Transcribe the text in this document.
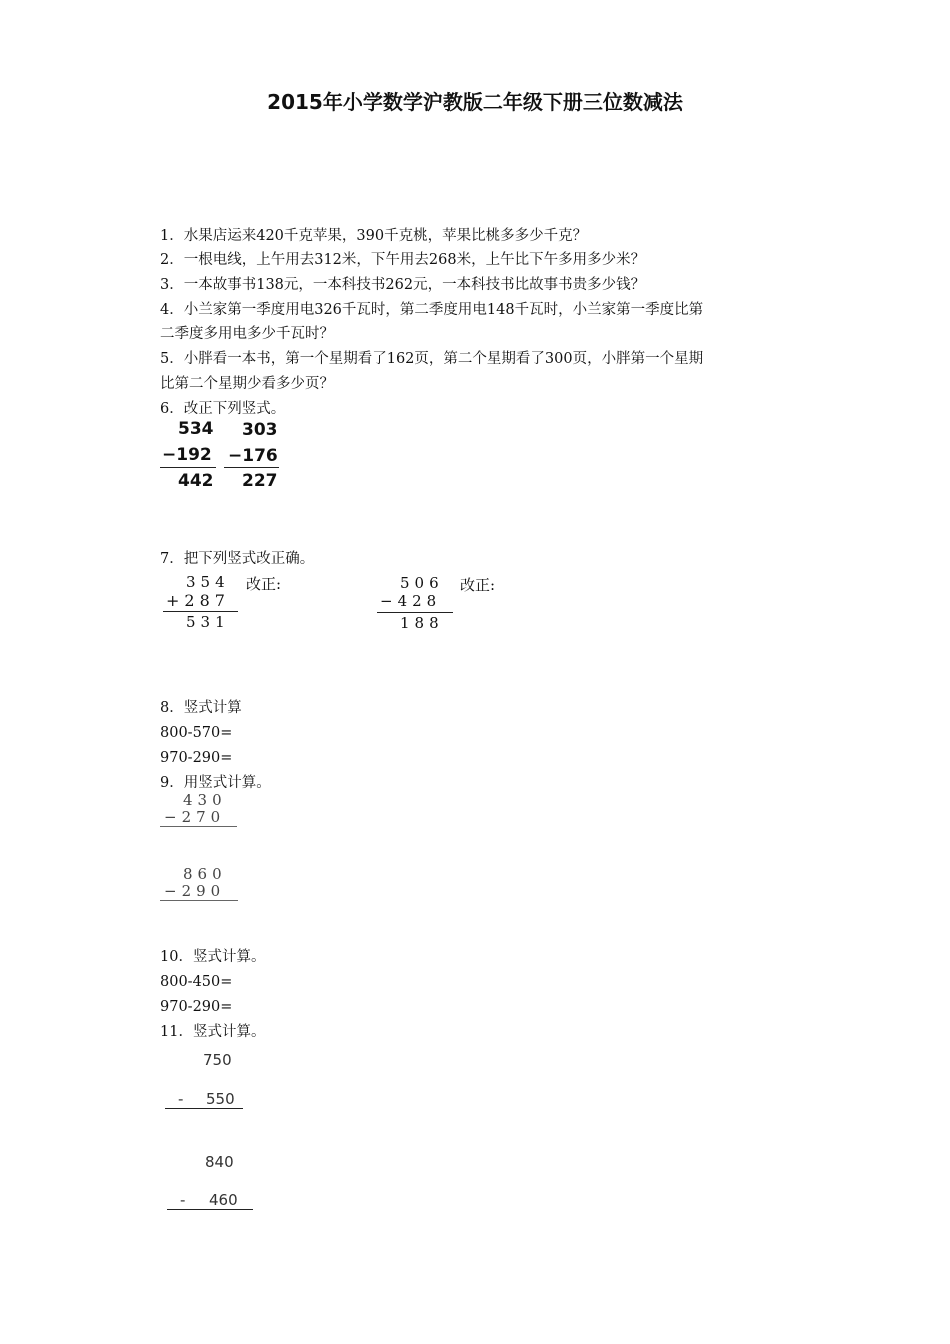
2015年小学数学沪教版二年级下册三位数减法
1．水果店运来420千克苹果，390千克桃，苹果比桃多多少千克？
2．一根电线，上午用去312米，下午用去268米，上午比下午多用多少米？
3．一本故事书138元，一本科技书262元，一本科技书比故事书贵多少钱？
4．小兰家第一季度用电326千瓦时，第二季度用电148千瓦时，小兰家第一季度比第
二季度多用电多少千瓦时？
5．小胖看一本书，第一个星期看了162页，第二个星期看了300页，小胖第一个星期
比第二个星期少看多少页？
6．改正下列竖式。
534
−192
442
303
−176
227
7．把下列竖式改正确。
354 改正:
+287
531
506 改正:
−428
188
8．竖式计算
800-570=
970-290=
9．用竖式计算。
430
−270
860
−290
10．竖式计算。
800-450=
970-290=
11．竖式计算。
750
- 550
840
- 460
